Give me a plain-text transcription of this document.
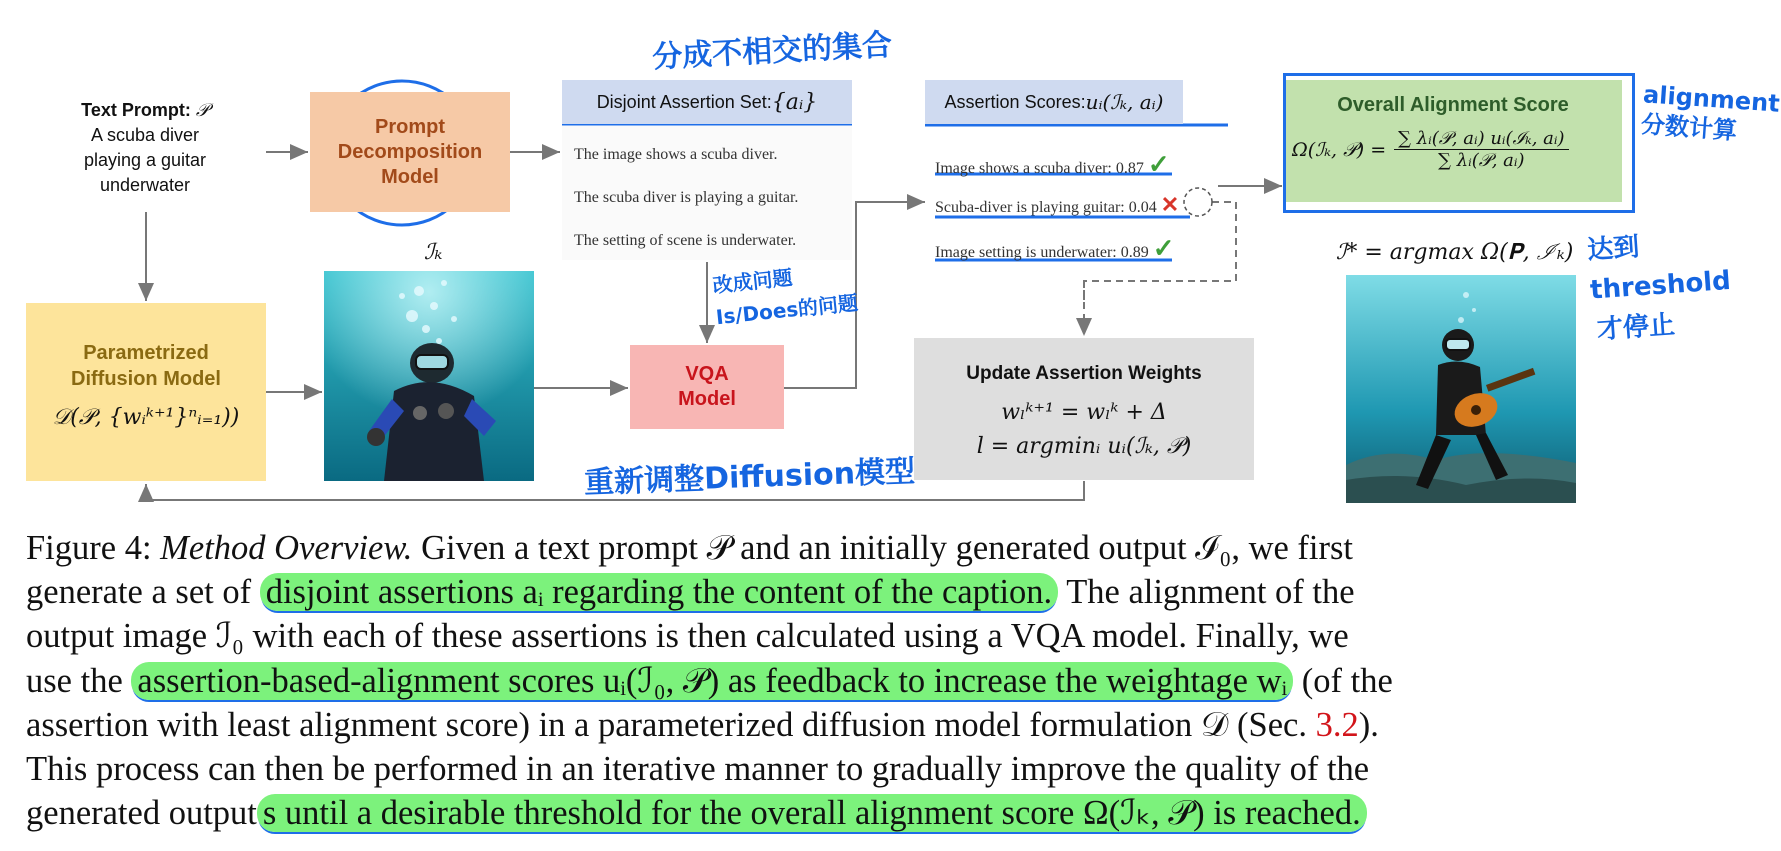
Text Prompt: 𝒫
A scuba diver
playing a guitar
underwater
Prompt
Decomposition
Model
Disjoint Assertion Set: {aᵢ}
The image shows a scuba diver.
The scuba diver is playing a guitar.
The setting of scene is underwater.
Assertion Scores: uᵢ(ℐₖ, aᵢ)
Image shows a scuba diver: 0.87 ✓
Scuba-diver is playing guitar: 0.04 ✕
Image setting is underwater: 0.89 ✓
Overall Alignment Score
Ω(ℐₖ, 𝒫) = ∑ λᵢ(𝒫, aᵢ) uᵢ(ℐₖ, aᵢ)
∑ λᵢ(𝒫, aᵢ)
ℐ* = argmax Ω(𝐏, ℐₖ)
Parametrized
Diffusion Model
𝒟(𝒫, {wᵢᵏ⁺¹}ⁿᵢ₌₁))
ℐₖ
VQA
Model
Update Assertion Weights
wₗᵏ⁺¹ = wₗᵏ + Δ
l = argminᵢ uᵢ(ℐₖ, 𝒫)
分成不相交的集合
alignment
分数计算
改成问题
Is/Does的问题
达到threshold
才停止
重新调整Diffusion模型
Figure 4: Method Overview. Given a text prompt 𝒫 and an initially generated output ℐ₀, we first
generate a set of disjoint assertions aᵢ regarding the content of the caption. The alignment of the
output image ℐ₀ with each of these assertions is then calculated using a VQA model. Finally, we
use the assertion-based-alignment scores uᵢ(ℐ₀, 𝒫) as feedback to increase the weightage wᵢ (of the
assertion with least alignment score) in a parameterized diffusion model formulation 𝒟 (Sec. 3.2).
This process can then be performed in an iterative manner to gradually improve the quality of the
generated output s until a desirable threshold for the overall alignment score Ω(ℐₖ, 𝒫) is reached.
